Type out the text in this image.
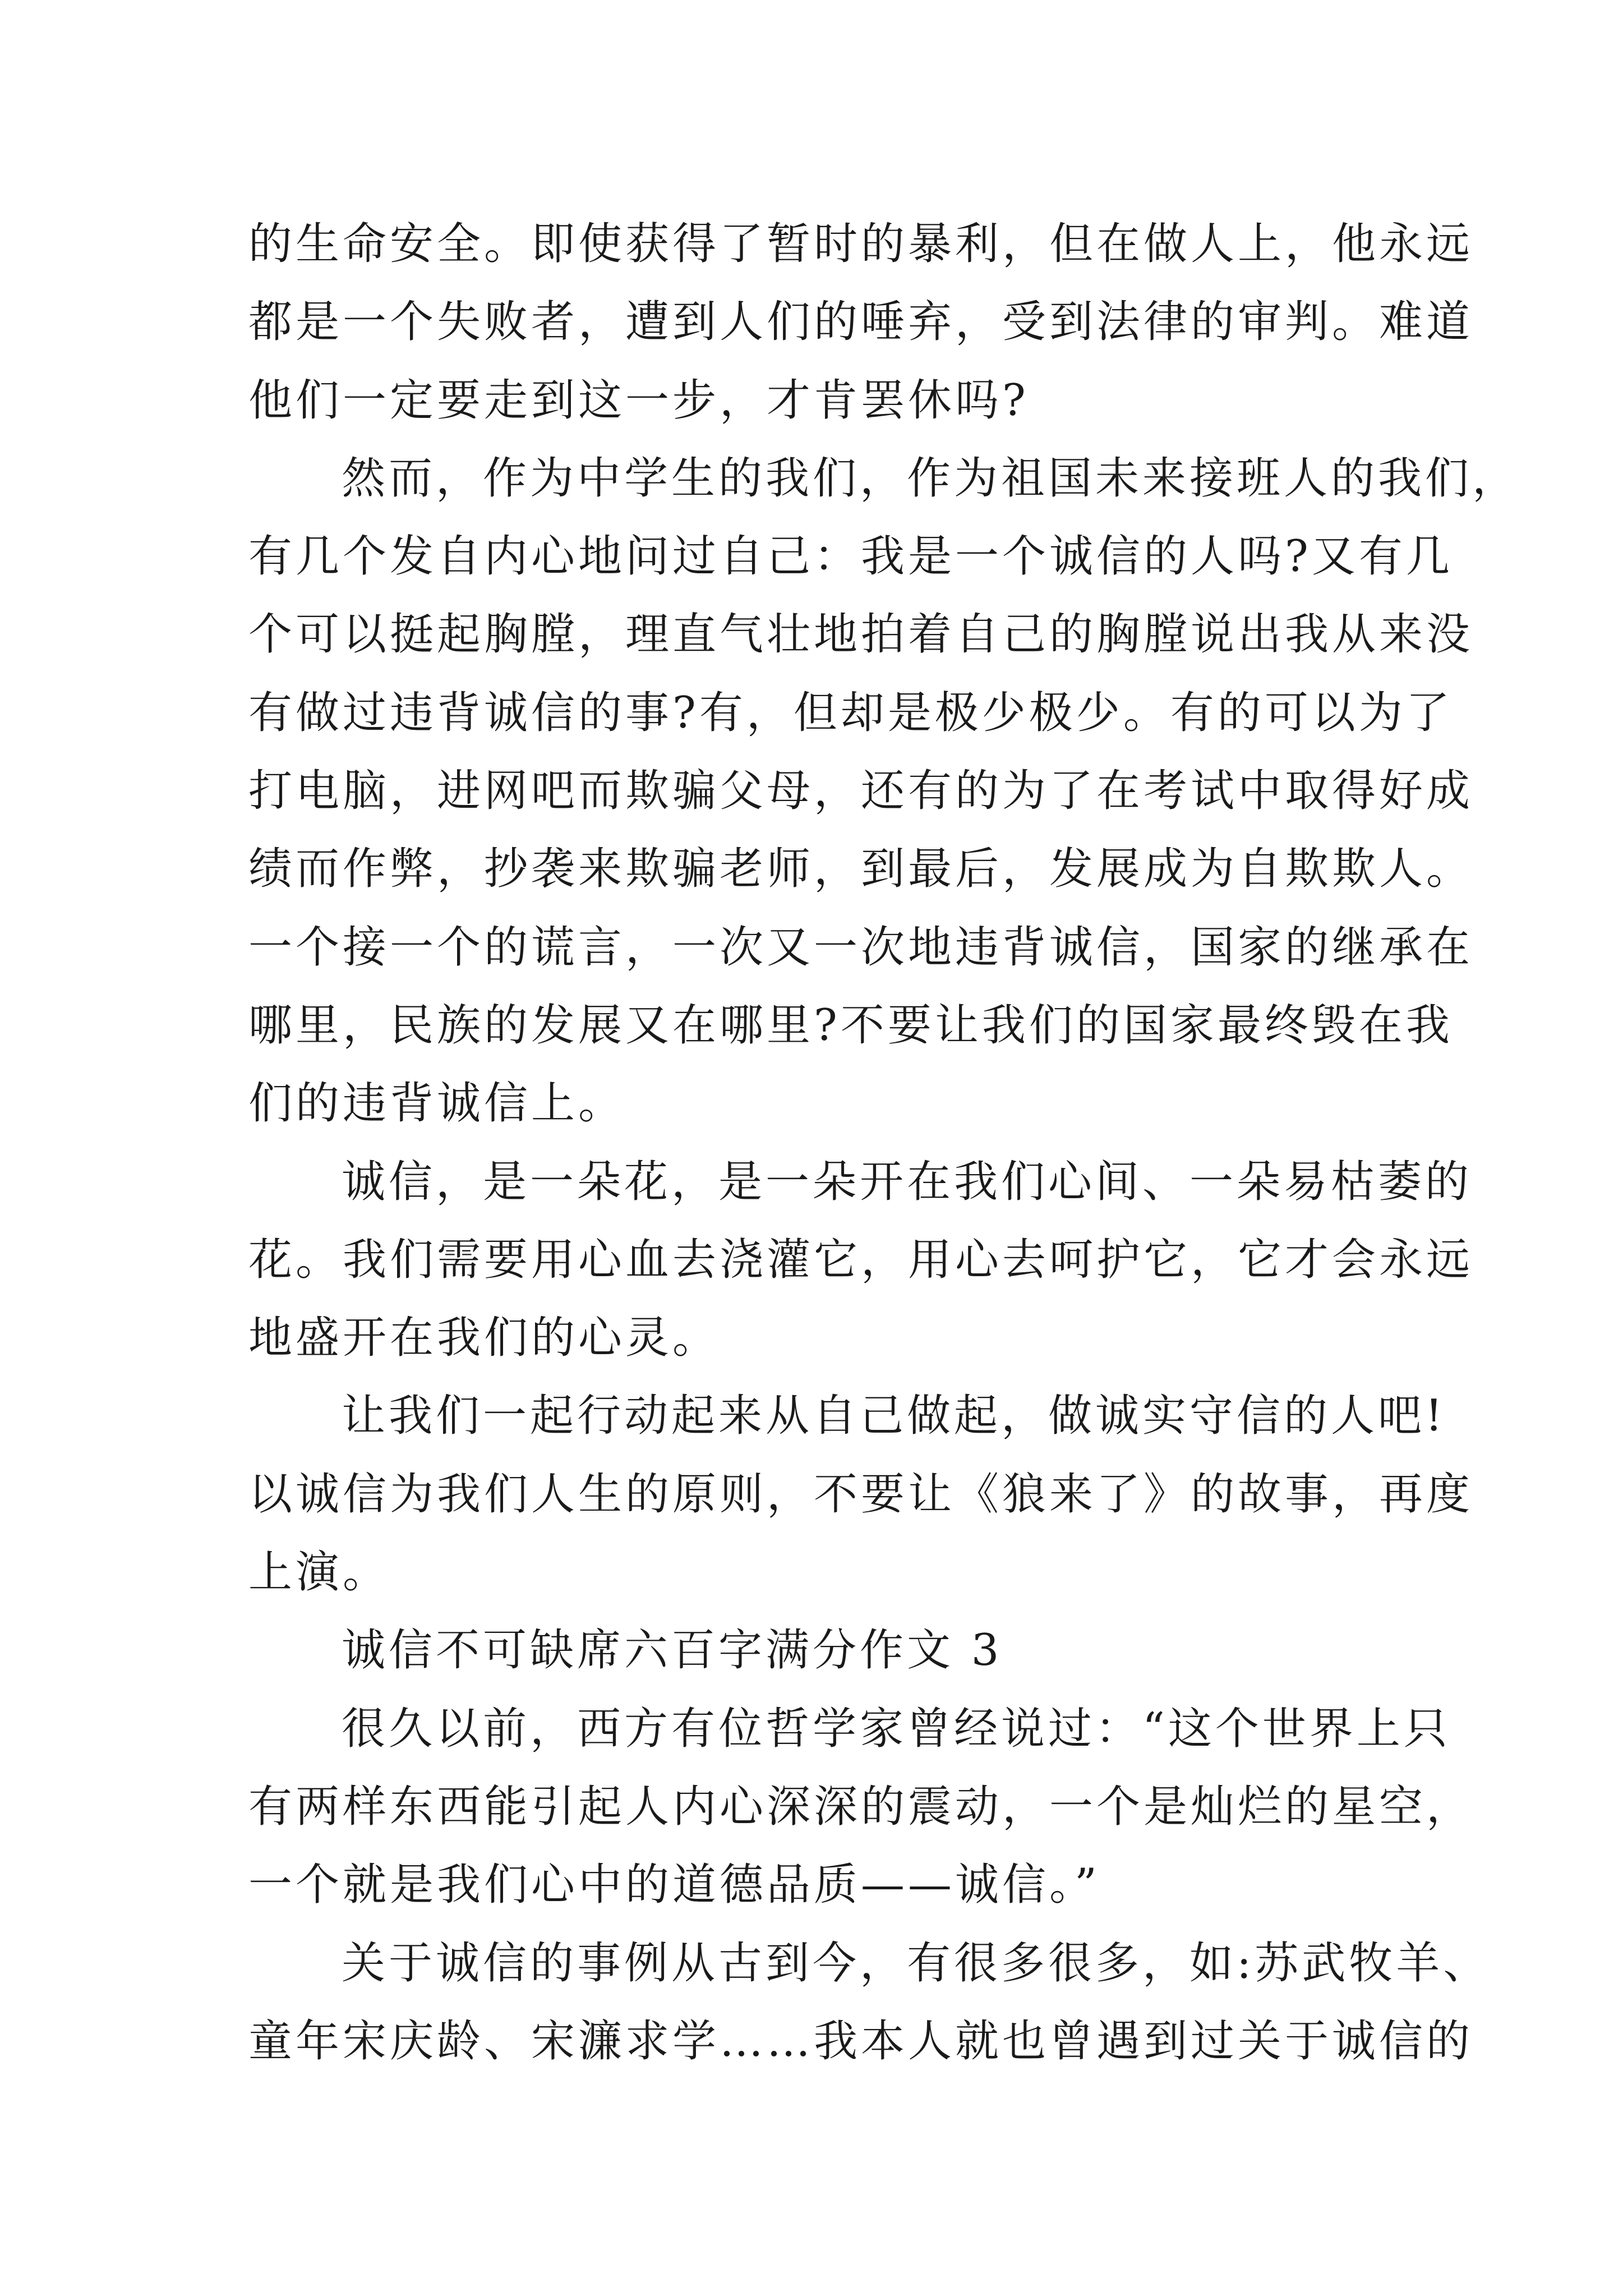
的生命安全。即使获得了暂时的暴利，但在做人上，他永远
都是一个失败者，遭到人们的唾弃，受到法律的审判。难道
他们一定要走到这一步，才肯罢休吗?
然而，作为中学生的我们，作为祖国未来接班人的我们，
有几个发自内心地问过自己：我是一个诚信的人吗?又有几
个可以挺起胸膛，理直气壮地拍着自己的胸膛说出我从来没
有做过违背诚信的事?有，但却是极少极少。有的可以为了
打电脑，进网吧而欺骗父母，还有的为了在考试中取得好成
绩而作弊，抄袭来欺骗老师，到最后，发展成为自欺欺人。
一个接一个的谎言，一次又一次地违背诚信，国家的继承在
哪里，民族的发展又在哪里?不要让我们的国家最终毁在我
们的违背诚信上。
诚信，是一朵花，是一朵开在我们心间、一朵易枯萎的
花。我们需要用心血去浇灌它，用心去呵护它，它才会永远
地盛开在我们的心灵。
让我们一起行动起来从自己做起，做诚实守信的人吧!
以诚信为我们人生的原则，不要让《狼来了》的故事，再度
上演。
诚信不可缺席六百字满分作文 3
很久以前，西方有位哲学家曾经说过：“这个世界上只
有两样东西能引起人内心深深的震动，一个是灿烂的星空，
一个就是我们心中的道德品质——诚信。”
关于诚信的事例从古到今，有很多很多，如:苏武牧羊、
童年宋庆龄、宋濂求学……我本人就也曾遇到过关于诚信的
